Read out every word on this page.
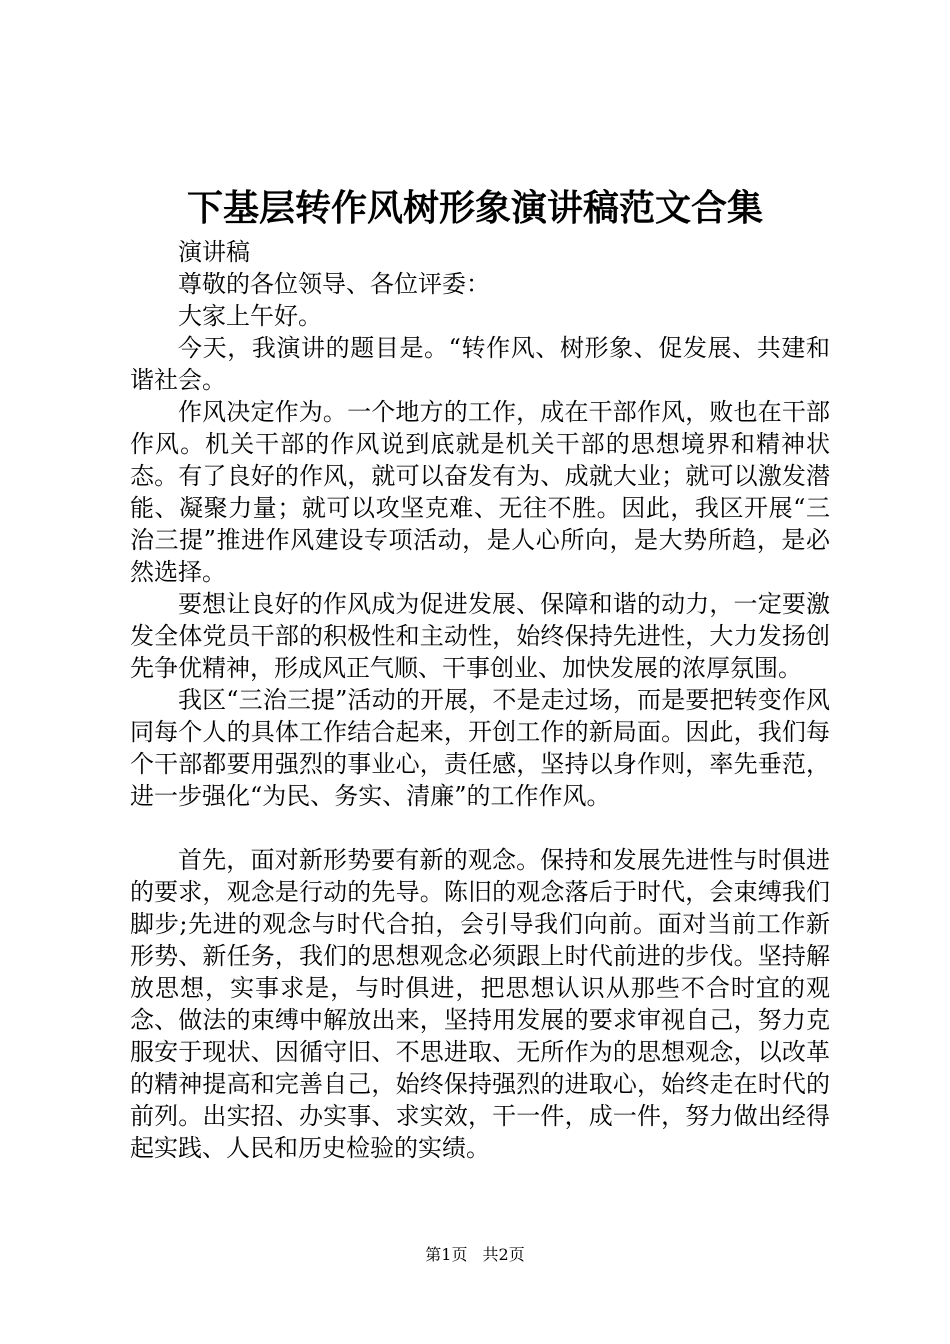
下基层转作风树形象演讲稿范文合集

演讲稿

尊敬的各位领导、各位评委：

大家上午好。

今天，我演讲的题目是。“转作风、树形象、促发展、共建和谐社会。

作风决定作为。一个地方的工作，成在干部作风，败也在干部作风。机关干部的作风说到底就是机关干部的思想境界和精神状态。有了良好的作风，就可以奋发有为、成就大业；就可以激发潜能、凝聚力量；就可以攻坚克难、无往不胜。因此，我区开展“三治三提”推进作风建设专项活动，是人心所向，是大势所趋，是必然选择。

要想让良好的作风成为促进发展、保障和谐的动力，一定要激发全体党员干部的积极性和主动性，始终保持先进性，大力发扬创先争优精神，形成风正气顺、干事创业、加快发展的浓厚氛围。

我区“三治三提”活动的开展，不是走过场，而是要把转变作风同每个人的具体工作结合起来，开创工作的新局面。因此，我们每个干部都要用强烈的事业心，责任感，坚持以身作则，率先垂范，进一步强化“为民、务实、清廉”的工作作风。

首先，面对新形势要有新的观念。保持和发展先进性与时俱进的要求，观念是行动的先导。陈旧的观念落后于时代，会束缚我们脚步;先进的观念与时代合拍，会引导我们向前。面对当前工作新形势、新任务，我们的思想观念必须跟上时代前进的步伐。坚持解放思想，实事求是，与时俱进，把思想认识从那些不合时宜的观念、做法的束缚中解放出来，坚持用发展的要求审视自己，努力克服安于现状、因循守旧、不思进取、无所作为的思想观念，以改革的精神提高和完善自己，始终保持强烈的进取心，始终走在时代的前列。出实招、办实事、求实效，干一件，成一件，努力做出经得起实践、人民和历史检验的实绩。

第1页 共2页
